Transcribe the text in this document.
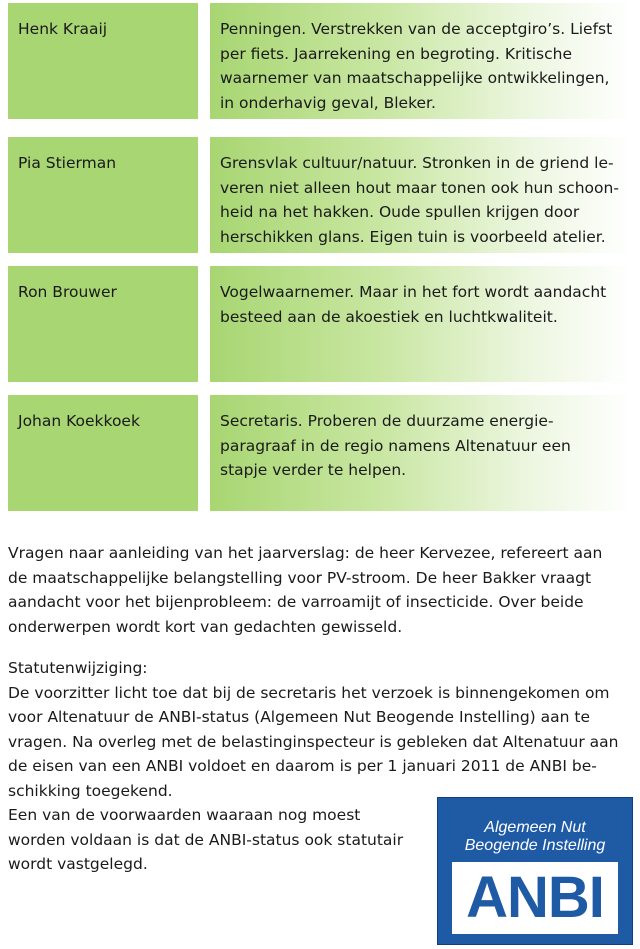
Henk Kraaij	Penningen. Verstrekken van de acceptgiro’s. Liefst
per fiets. Jaarrekening en begroting. Kritische
waarnemer van maatschappelijke ontwikkelingen,
in onderhavig geval, Bleker.
Pia Stierman	Grensvlak cultuur/natuur. Stronken in de griend le-
veren niet alleen hout maar tonen ook hun schoon-
heid na het hakken. Oude spullen krijgen door
herschikken glans. Eigen tuin is voorbeeld atelier.
Ron Brouwer	Vogelwaarnemer. Maar in het fort wordt aandacht
besteed aan de akoestiek en luchtkwaliteit.
Johan Koekkoek	Secretaris. Proberen de duurzame energie-
paragraaf in de regio namens Altenatuur een
stapje verder te helpen.
Vragen naar aanleiding van het jaarverslag: de heer Kervezee, refereert aan
de maatschappelijke belangstelling voor PV-stroom. De heer Bakker vraagt
aandacht voor het bijenprobleem: de varroamijt of insecticide. Over beide
onderwerpen wordt kort van gedachten gewisseld.
Statutenwijziging:
De voorzitter licht toe dat bij de secretaris het verzoek is binnengekomen om
voor Altenatuur de ANBI-status (Algemeen Nut Beogende Instelling) aan te
vragen. Na overleg met de belastinginspecteur is gebleken dat Altenatuur aan
de eisen van een ANBI voldoet en daarom is per 1 januari 2011 de ANBI be-
schikking toegekend.
Een van de voorwaarden waaraan nog moest
worden voldaan is dat de ANBI-status ook statutair
wordt vastgelegd.
Algemeen Nut
Beogende Instelling
ANBI
